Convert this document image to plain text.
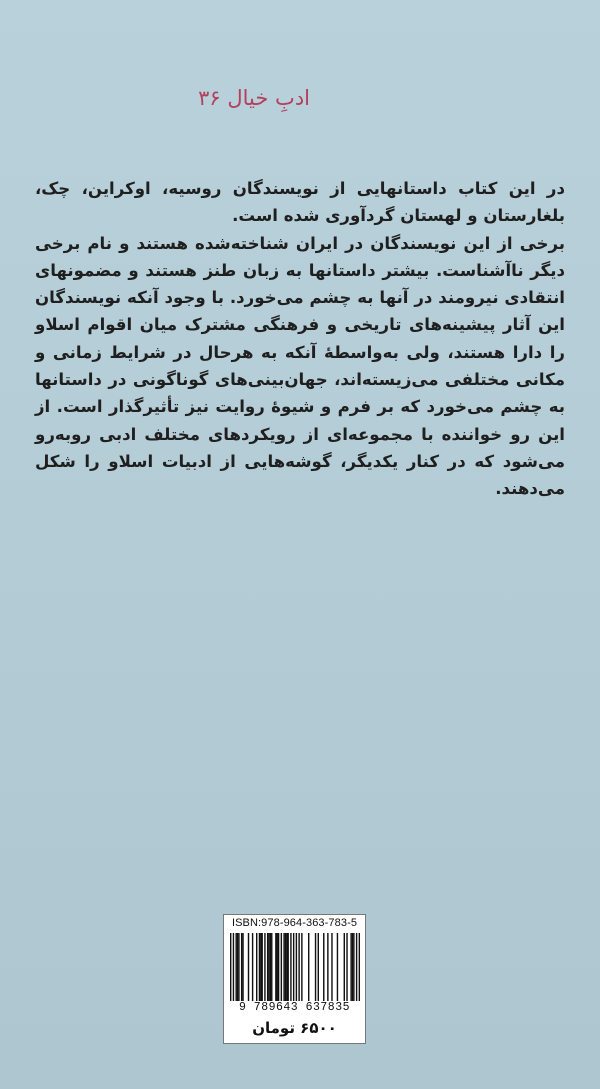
ادبِ خیال ۳۶

در این کتاب داستانهایی از نویسندگان روسیه، اوکراین، چک، بلغارستان و لهستان گردآوری شده است.

برخی از این نویسندگان در ایران شناخته‌شده هستند و نام برخی دیگر ناآشناست. بیشتر داستانها به زبان طنز هستند و مضمونهای انتقادی نیرومند در آنها به چشم می‌خورد. با وجود آنکه نویسندگان این آثار پیشینه‌های تاریخی و فرهنگی مشترک میان اقوام اسلاو را دارا هستند، ولی به‌واسطهٔ آنکه به هرحال در شرایط زمانی و مکانی مختلفی می‌زیسته‌اند، جهان‌بینی‌های گوناگونی در داستانها به چشم می‌خورد که بر فرم و شیوهٔ روایت نیز تأثیرگذار است. از این رو خواننده با مجموعه‌ای از رویکردهای مختلف ادبی روبه‌رو می‌شود که در کنار یکدیگر، گوشه‌هایی از ادبیات اسلاو را شکل می‌دهند.

ISBN:978-964-363-783-5
9 789643 637835
۶۵۰۰ تومان
